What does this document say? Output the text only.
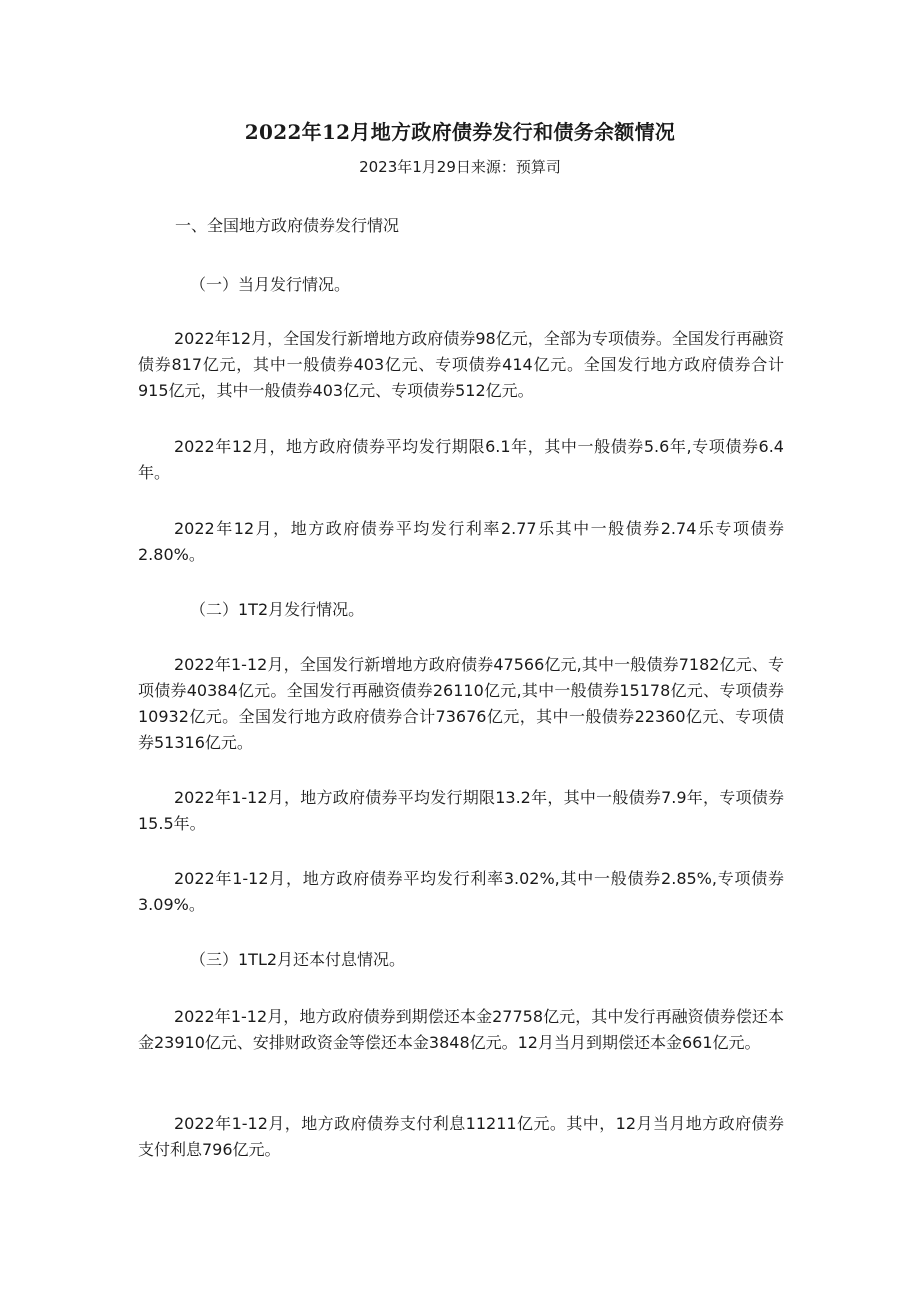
2022年12月地方政府债券发行和债务余额情况
2023年1月29日来源：预算司
一、全国地方政府债券发行情况
（一）当月发行情况。

2022年12月，全国发行新增地方政府债券98亿元，全部为专项债券。全国发行再融资债券817亿元，其中一般债券403亿元、专项债券414亿元。全国发行地方政府债券合计915亿元，其中一般债券403亿元、专项债券512亿元。

2022年12月，地方政府债券平均发行期限6.1年，其中一般债券5.6年,专项债券6.4年。

2022年12月，地方政府债券平均发行利率2.77乐其中一般债券2.74乐专项债券2.80%。

（二）1T2月发行情况。

2022年1-12月，全国发行新增地方政府债券47566亿元,其中一般债券7182亿元、专项债券40384亿元。全国发行再融资债券26110亿元,其中一般债券15178亿元、专项债券10932亿元。全国发行地方政府债券合计73676亿元，其中一般债券22360亿元、专项债券51316亿元。

2022年1-12月，地方政府债券平均发行期限13.2年，其中一般债券7.9年，专项债券15.5年。

2022年1-12月，地方政府债券平均发行利率3.02%,其中一般债券2.85%,专项债券3.09%。

（三）1TL2月还本付息情况。

2022年1-12月，地方政府债券到期偿还本金27758亿元，其中发行再融资债券偿还本金23910亿元、安排财政资金等偿还本金3848亿元。12月当月到期偿还本金661亿元。

2022年1-12月，地方政府债券支付利息11211亿元。其中，12月当月地方政府债券支付利息796亿元。
